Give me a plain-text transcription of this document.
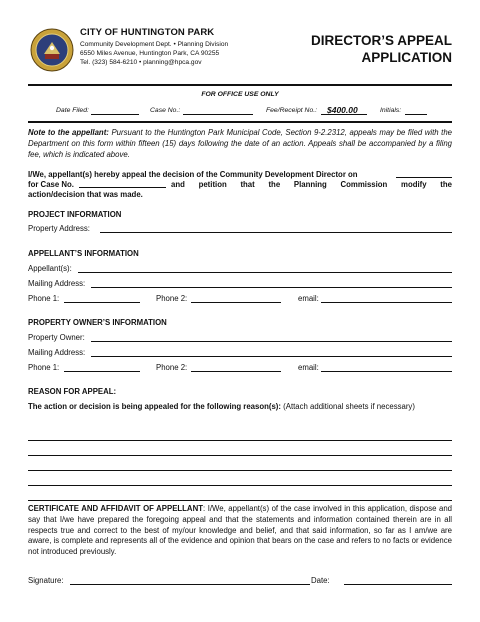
CITY OF HUNTINGTON PARK
Community Development Dept. • Planning Division
6550 Miles Avenue, Huntington Park, CA 90255
Tel. (323) 584-6210 • planning@hpca.gov
DIRECTOR’S APPEAL
APPLICATION
FOR OFFICE USE ONLY
Date Filed:	Case No.:	Fee/Receipt No.: $400.00	Initials:
Note to the appellant: Pursuant to the Huntington Park Municipal Code, Section 9-2.2312, appeals may be filed with the Department on this form within fifteen (15) days following the date of an action. Appeals shall be accompanied by a filing fee, which is indicated above.
I/We, appellant(s) hereby appeal the decision of the Community Development Director on
for Case No.	and petition that the Planning Commission modify the
action/decision that was made.
PROJECT INFORMATION
Property Address:
APPELLANT’S INFORMATION
Appellant(s):
Mailing Address:
Phone 1:	Phone 2:	email:
PROPERTY OWNER’S INFORMATION
Property Owner:
Mailing Address:
Phone 1:	Phone 2:	email:
REASON FOR APPEAL:
The action or decision is being appealed for the following reason(s): (Attach additional sheets if necessary)
CERTIFICATE AND AFFIDAVIT OF APPELLANT: I/We, appellant(s) of the case involved in this application, dispose and say that I/we have prepared the foregoing appeal and that the statements and information contained therein are in all respects true and correct to the best of my/our knowledge and belief, and that said information, so far as I am/we are aware, is complete and represents all of the evidence and opinion that bears on the case and refers to no facts or evidence not introduced previously.
Signature:	Date:
